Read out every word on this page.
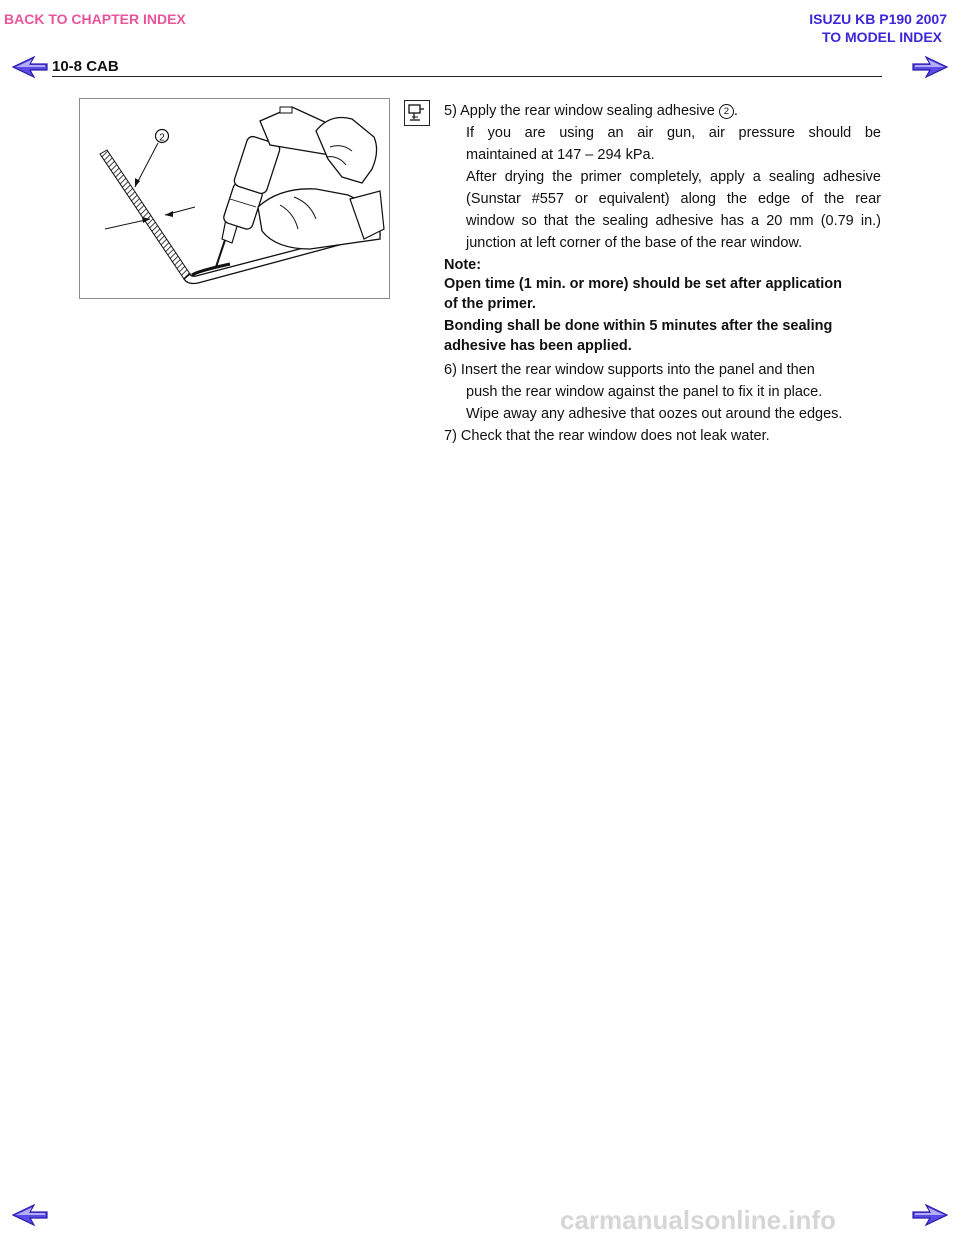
BACK TO CHAPTER INDEX	ISUZU KB P190 2007
TO MODEL INDEX
10-8 CAB
2
5) Apply the rear window sealing adhesive 2 .
If you are using an air gun, air pressure should be
maintained at 147 – 294 kPa.
After drying the primer completely, apply a sealing adhesive
(Sunstar #557 or equivalent) along the edge of the rear
window so that the sealing adhesive has a 20 mm (0.79 in.)
junction at left corner of the base of the rear window.
Note:
Open time (1 min. or more) should be set after application
of the primer.
Bonding shall be done within 5 minutes after the sealing
adhesive has been applied.
6) Insert the rear window supports into the panel and then
push the rear window against the panel to fix it in place.
Wipe away any adhesive that oozes out around the edges.
7) Check that the rear window does not leak water.
carmanualsonline.info
